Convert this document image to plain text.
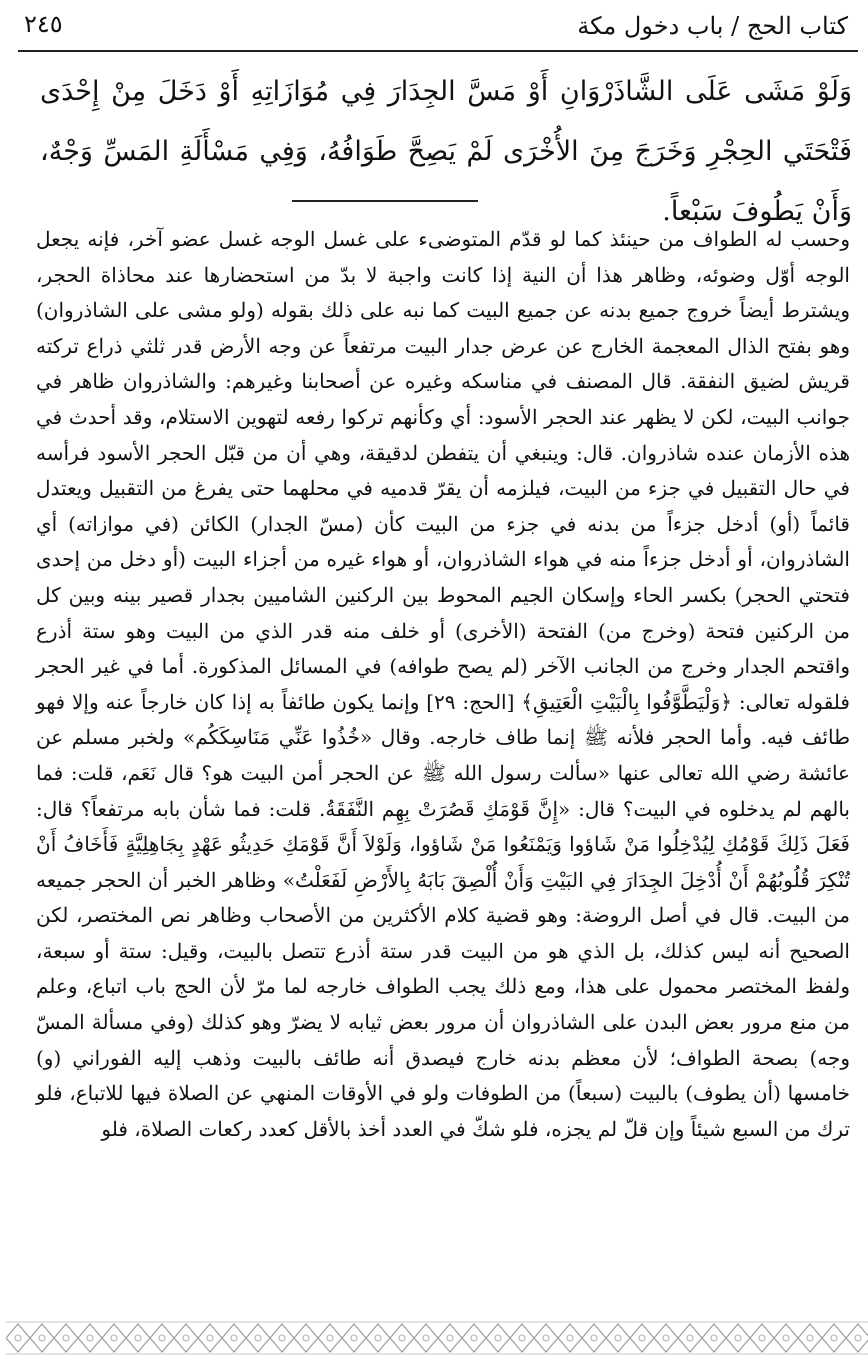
كتاب الحج / باب دخول مكة
٢٤٥

وَلَوْ مَشَى عَلَى الشَّاذَرْوَانِ أَوْ مَسَّ الجِدَارَ فِي مُوَازَاتِهِ أَوْ دَخَلَ مِنْ إِحْدَى فَتْحَتَي الحِجْرِ وَخَرَجَ مِنَ الأُخْرَى لَمْ يَصِحَّ طَوَافُهُ، وَفِي مَسْأَلَةِ المَسِّ وَجْهٌ، وَأَنْ يَطُوفَ سَبْعاً.

وحسب له الطواف من حينئذ كما لو قدّم المتوضىء على غسل الوجه غسل عضو آخر، فإنه يجعل الوجه أوّل وضوئه، وظاهر هذا أن النية إذا كانت واجبة لا بدّ من استحضارها عند محاذاة الحجر، ويشترط أيضاً خروج جميع بدنه عن جميع البيت كما نبه على ذلك بقوله (ولو مشى على الشاذروان) وهو بفتح الذال المعجمة الخارج عن عرض جدار البيت مرتفعاً عن وجه الأرض قدر ثلثي ذراع تركته قريش لضيق النفقة. قال المصنف في مناسكه وغيره عن أصحابنا وغيرهم: والشاذروان ظاهر في جوانب البيت، لكن لا يظهر عند الحجر الأسود: أي وكأنهم تركوا رفعه لتهوين الاستلام، وقد أحدث في هذه الأزمان عنده شاذروان. قال: وينبغي أن يتفطن لدقيقة، وهي أن من قبّل الحجر الأسود فرأسه في حال التقبيل في جزء من البيت، فيلزمه أن يقرّ قدميه في محلهما حتى يفرغ من التقبيل ويعتدل قائماً (أو) أدخل جزءاً من بدنه في جزء من البيت كأن (مسّ الجدار) الكائن (في موازاته) أي الشاذروان، أو أدخل جزءاً منه في هواء الشاذروان، أو هواء غيره من أجزاء البيت (أو دخل من إحدى فتحتي الحجر) بكسر الحاء وإسكان الجيم المحوط بين الركنين الشاميين بجدار قصير بينه وبين كل من الركنين فتحة (وخرج من) الفتحة (الأخرى) أو خلف منه قدر الذي من البيت وهو ستة أذرع واقتحم الجدار وخرج من الجانب الآخر (لم يصح طوافه) في المسائل المذكورة. أما في غير الحجر فلقوله تعالى: ﴿وَلْيَطَّوَّفُوا بِالْبَيْتِ الْعَتِيقِ﴾ [الحج: ٢٩] وإنما يكون طائفاً به إذا كان خارجاً عنه وإلا فهو طائف فيه. وأما الحجر فلأنه ﷺ إنما طاف خارجه. وقال «خُذُوا عَنِّي مَنَاسِكَكُم» ولخبر مسلم عن عائشة رضي الله تعالى عنها «سألت رسول الله ﷺ عن الحجر أمن البيت هو؟ قال نَعَم، قلت: فما بالهم لم يدخلوه في البيت؟ قال: «إِنَّ قَوْمَكِ قَصُرَتْ بِهِم النَّفَقَةُ. قلت: فما شأن بابه مرتفعاً؟ قال: فَعَلَ ذَلِكَ قَوْمُكِ لِيُدْخِلُوا مَنْ شَاؤوا وَيَمْنَعُوا مَنْ شَاؤوا، وَلَوْلاَ أَنَّ قَوْمَكِ حَدِيثُو عَهْدٍ بِجَاهِلِيَّةٍ فَأَخَافُ أَنْ تُنْكِرَ قُلُوبُهُمْ أَنْ أُدْخِلَ الجِدَارَ فِي البَيْتِ وَأَنْ أُلْصِقَ بَابَهُ بِالأَرْضِ لَفَعَلْتُ» وظاهر الخبر أن الحجر جميعه من البيت. قال في أصل الروضة: وهو قضية كلام الأكثرين من الأصحاب وظاهر نص المختصر، لكن الصحيح أنه ليس كذلك، بل الذي هو من البيت قدر ستة أذرع تتصل بالبيت، وقيل: ستة أو سبعة، ولفظ المختصر محمول على هذا، ومع ذلك يجب الطواف خارجه لما مرّ لأن الحج باب اتباع، وعلم من منع مرور بعض البدن على الشاذروان أن مرور بعض ثيابه لا يضرّ وهو كذلك (وفي مسألة المسّ وجه) بصحة الطواف؛ لأن معظم بدنه خارج فيصدق أنه طائف بالبيت وذهب إليه الفوراني (و) خامسها (أن يطوف) بالبيت (سبعاً) من الطوفات ولو في الأوقات المنهي عن الصلاة فيها للاتباع، فلو ترك من السبع شيئاً وإن قلّ لم يجزه، فلو شكّ في العدد أخذ بالأقل كعدد ركعات الصلاة، فلو
